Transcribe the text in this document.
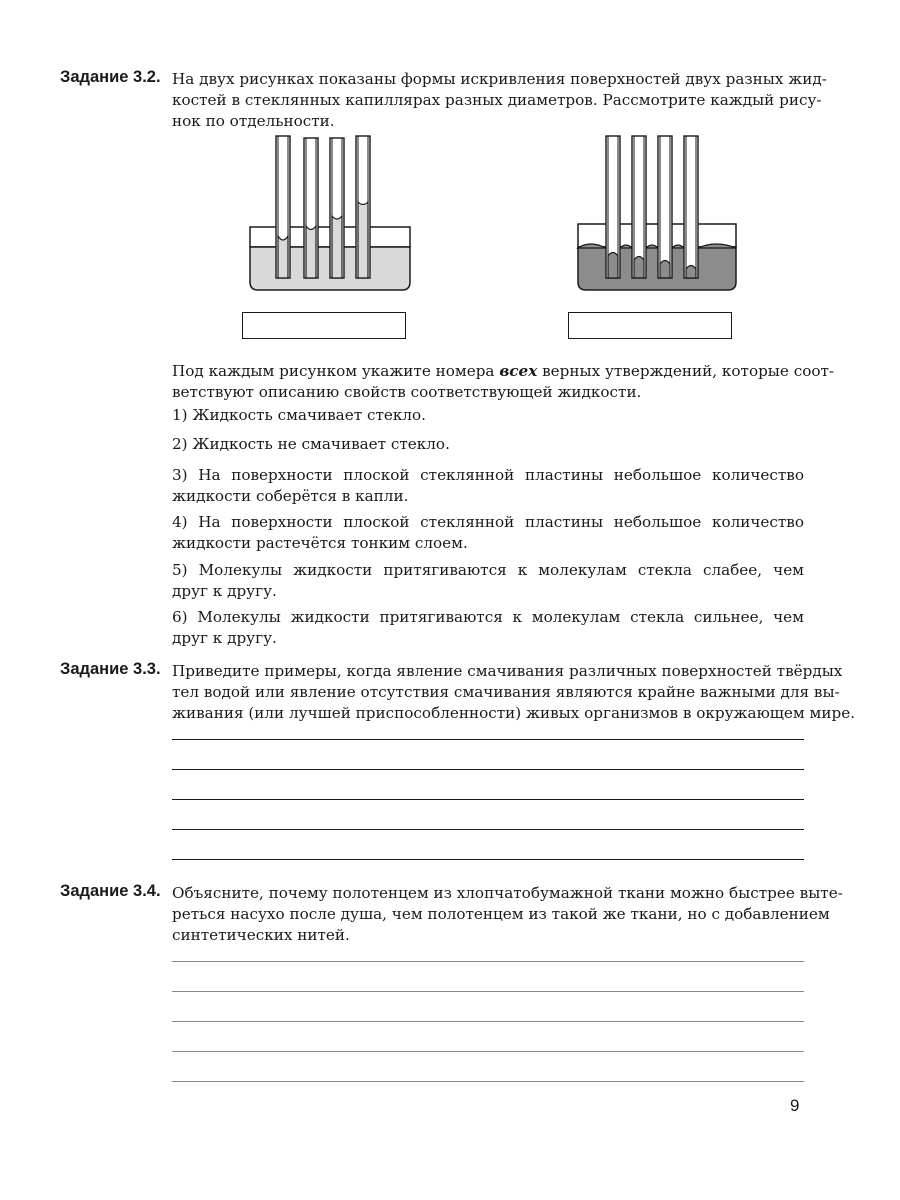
Задание 3.2. На двух рисунках показаны формы искривления поверхностей двух разных жид-
костей в стеклянных капиллярах разных диаметров. Рассмотрите каждый рису-
нок по отдельности.
Под каждым рисунком укажите номера всех верных утверждений, которые соот-
ветствуют описанию свойств соответствующей жидкости.
1) Жидкость смачивает стекло.
2) Жидкость не смачивает стекло.
3) На поверхности плоской стеклянной пластины небольшое количество
жидкости соберётся в капли.
4) На поверхности плоской стеклянной пластины небольшое количество
жидкости растечётся тонким слоем.
5) Молекулы жидкости притягиваются к молекулам стекла слабее, чем
друг к другу.
6) Молекулы жидкости притягиваются к молекулам стекла сильнее, чем
друг к другу.
Задание 3.3. Приведите примеры, когда явление смачивания различных поверхностей твёрдых
тел водой или явление отсутствия смачивания являются крайне важными для вы-
живания (или лучшей приспособленности) живых организмов в окружающем мире.
Задание 3.4. Объясните, почему полотенцем из хлопчатобумажной ткани можно быстрее выте-
реться насухо после душа, чем полотенцем из такой же ткани, но с добавлением
синтетических нитей.
9
